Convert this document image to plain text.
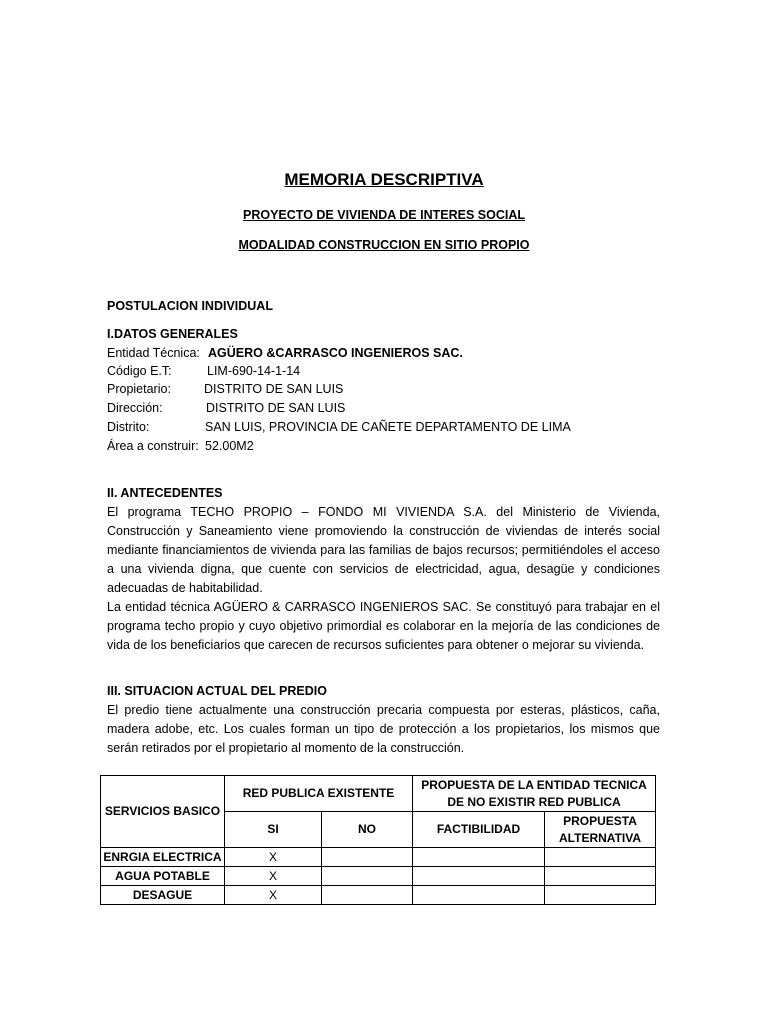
MEMORIA DESCRIPTIVA
PROYECTO DE VIVIENDA DE INTERES SOCIAL
MODALIDAD CONSTRUCCION EN SITIO PROPIO
POSTULACION INDIVIDUAL
I.DATOS GENERALES
Entidad Técnica: AGÜERO &CARRASCO INGENIEROS SAC.
Código E.T:	LIM-690-14-1-14
Propietario:	DISTRITO DE SAN LUIS
Dirección:	DISTRITO DE SAN LUIS
Distrito:	SAN LUIS, PROVINCIA DE CAÑETE DEPARTAMENTO DE LIMA
Área a construir: 52.00M2
II. ANTECEDENTES

El programa TECHO PROPIO – FONDO MI VIVIENDA S.A. del Ministerio de Vivienda, Construcción y Saneamiento viene promoviendo la construcción de viviendas de interés social mediante financiamientos de vivienda para las familias de bajos recursos; permitiéndoles el acceso a una vivienda digna, que cuente con servicios de electricidad, agua, desagüe y condiciones adecuadas de habitabilidad.

La entidad técnica AGÜERO & CARRASCO INGENIEROS SAC. Se constituyó para trabajar en el programa techo propio y cuyo objetivo primordial es colaborar en la mejoría de las condiciones de vida de los beneficiarios que carecen de recursos suficientes para obtener o mejorar su vivienda.

III. SITUACION ACTUAL DEL PREDIO

El predio tiene actualmente una construcción precaria compuesta por esteras, plásticos, caña, madera adobe, etc. Los cuales forman un tipo de protección a los propietarios, los mismos que serán retirados por el propietario al momento de la construcción.

SERVICIOS BASICO	RED PUBLICA EXISTENTE		PROPUESTA DE LA ENTIDAD TECNICA DE NO EXISTIR RED PUBLICA	
	SI	NO	FACTIBILIDAD	PROPUESTA ALTERNATIVA
ENRGIA ELECTRICA	X			
AGUA POTABLE	X			
DESAGUE	X			
